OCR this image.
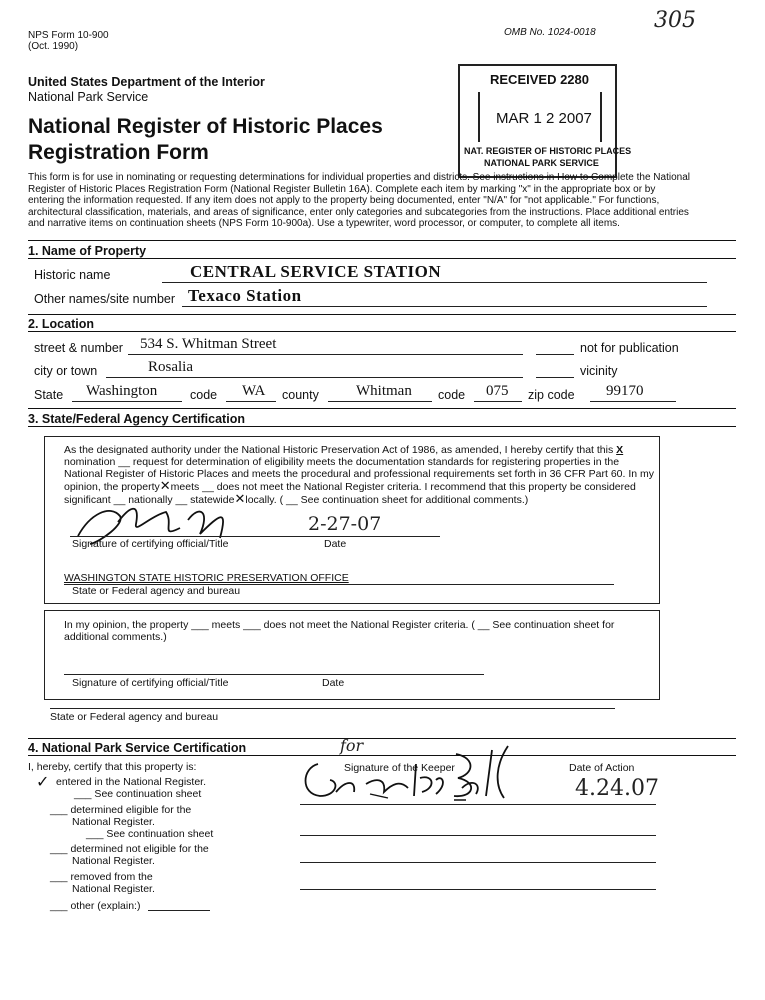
NPS Form 10-900
(Oct. 1990)
OMB No. 1024-0018	305
United States Department of the Interior
National Park Service
National Register of Historic Places
Registration Form
RECEIVED 2280
MAR 1 2 2007
NAT. REGISTER OF HISTORIC PLACES
NATIONAL PARK SERVICE
This form is for use in nominating or requesting determinations for individual properties and districts. See instructions in How to Complete the National
Register of Historic Places Registration Form (National Register Bulletin 16A). Complete each item by marking "x" in the appropriate box or by
entering the information requested. If any item does not apply to the property being documented, enter "N/A" for "not applicable." For functions,
architectural classification, materials, and areas of significance, enter only categories and subcategories from the instructions. Place additional entries
and narrative items on continuation sheets (NPS Form 10-900a). Use a typewriter, word processor, or computer, to complete all items.
1. Name of Property
Historic name	CENTRAL SERVICE STATION
Other names/site number Texaco Station
2. Location
street & number 534 S. Whitman Street	not for publication
city or town	Rosalia	vicinity
State Washington	code WA county Whitman code 075 zip code 99170
3. State/Federal Agency Certification
As the designated authority under the National Historic Preservation Act of 1986, as amended, I hereby certify that this X
nomination __ request for determination of eligibility meets the documentation standards for registering properties in the
National Register of Historic Places and meets the procedural and professional requirements set forth in 36 CFR Part 60. In my
opinion, the property✕meets __ does not meet the National Register criteria. I recommend that this property be considered
significant __ nationally __ statewide✕locally. ( __ See continuation sheet for additional comments.)
2-27-07
Signature of certifying official/Title	Date
WASHINGTON STATE HISTORIC PRESERVATION OFFICE
State or Federal agency and bureau
In my opinion, the property ___ meets ___ does not meet the National Register criteria. ( __ See continuation sheet for
additional comments.)
Signature of certifying official/Title	Date
State or Federal agency and bureau
4. National Park Service Certification
I, hereby, certify that this property is:
✓ entered in the National Register.
___ See continuation sheet
___ determined eligible for the
National Register.
___ See continuation sheet
___ determined not eligible for the
National Register.
___ removed from the
National Register.
___ other (explain:)
for
Signature of the Keeper	Date of Action
4.24.07
